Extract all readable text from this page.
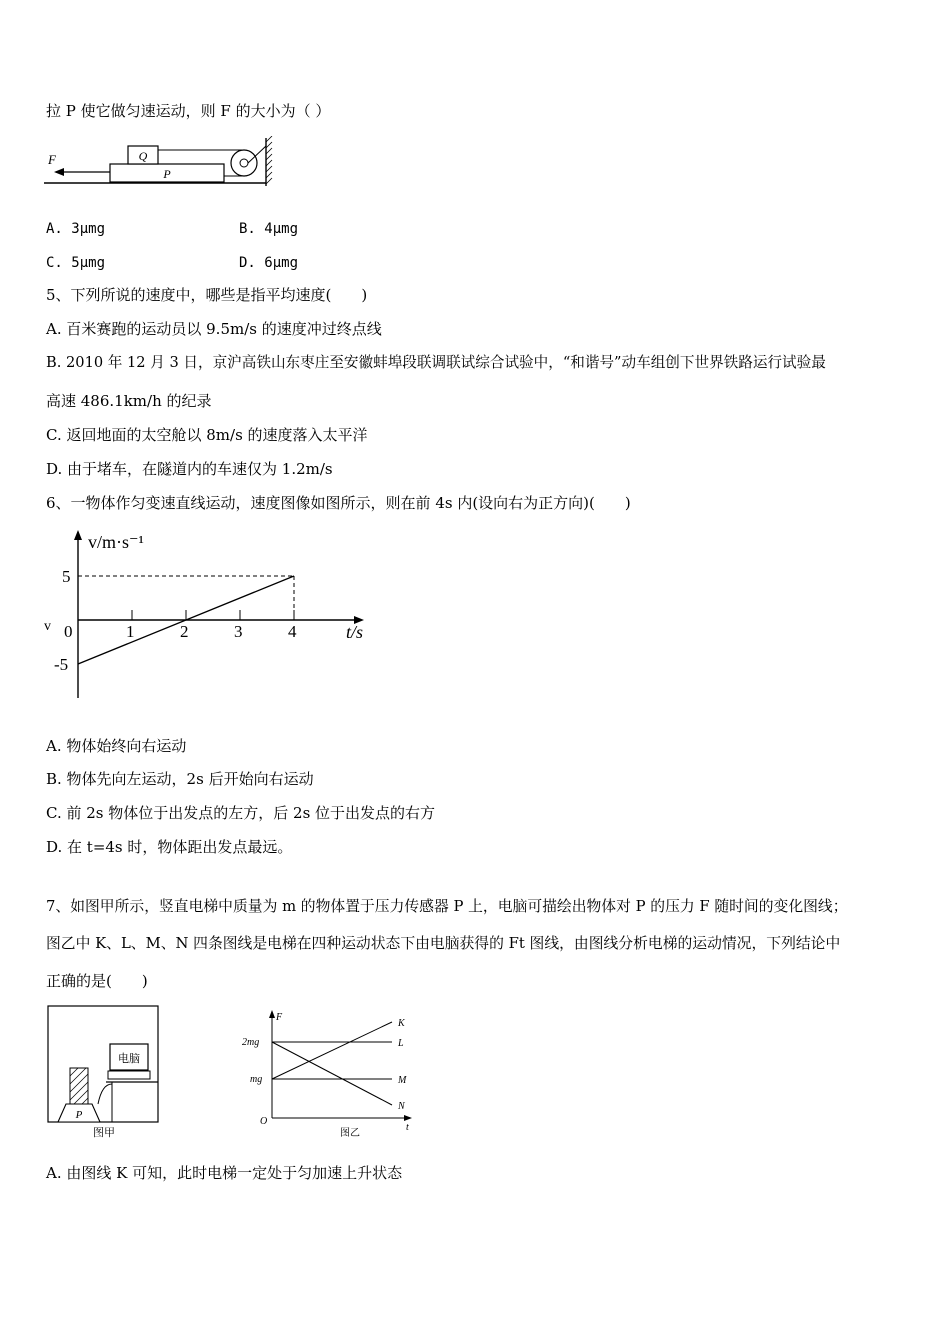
拉 P 使它做匀速运动，则 F 的大小为（ ）
F
P
Q
A. 3μmg	B. 4μmg
C. 5μmg	D. 6μmg
5、下列所说的速度中，哪些是指平均速度(　　)
A. 百米赛跑的运动员以 9.5m/s 的速度冲过终点线
B. 2010 年 12 月 3 日，京沪高铁山东枣庄至安徽蚌埠段联调联试综合试验中，“和谐号”动车组创下世界铁路运行试验最
高速 486.1km/h 的纪录
C. 返回地面的太空舱以 8m/s 的速度落入太平洋
D. 由于堵车，在隧道内的车速仅为 1.2m/s
6、一物体作匀变速直线运动，速度图像如图所示，则在前 4s 内(设向右为正方向)(　　)
v/m·s⁻¹
t/s
v 0	1	2	3	4
5
-5
A. 物体始终向右运动
B. 物体先向左运动，2s 后开始向右运动
C. 前 2s 物体位于出发点的左方，后 2s 位于出发点的右方
D. 在 t=4s 时，物体距出发点最远。
7、如图甲所示，竖直电梯中质量为 m 的物体置于压力传感器 P 上，电脑可描绘出物体对 P 的压力 F 随时间的变化图线；
图乙中 K、L、M、N 四条图线是电梯在四种运动状态下由电脑获得的 Ft 图线，由图线分析电梯的运动情况，下列结论中
正确的是(　　)
电脑
P
图甲
F
t
O
2mg
mg
K
L
M
N
图乙
A. 由图线 K 可知，此时电梯一定处于匀加速上升状态
